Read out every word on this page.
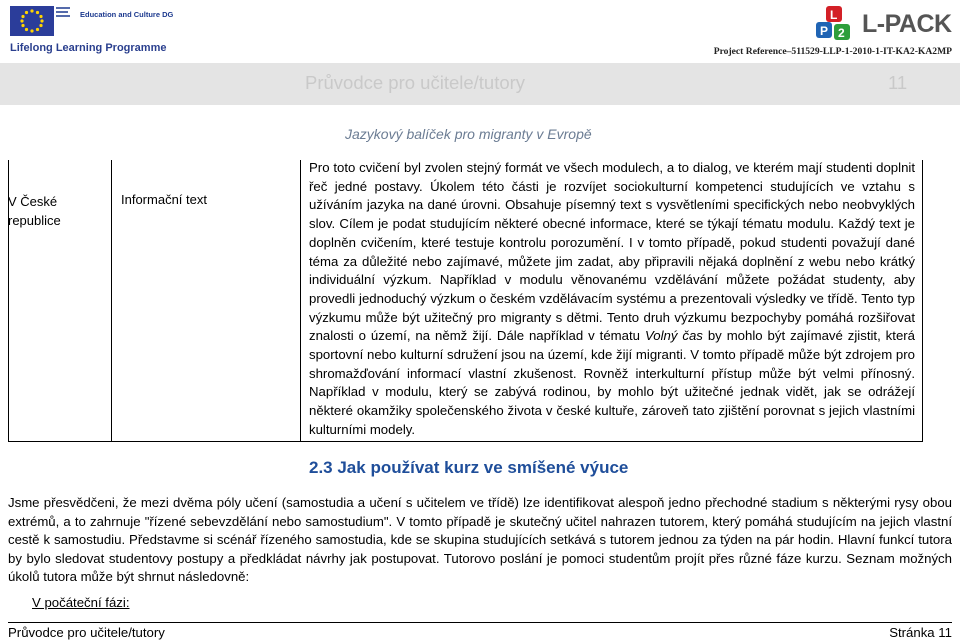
Education and Culture DG
Lifelong Learning Programme
L
P 2 L-PACK
Project Reference–511529-LLP-1-2010-1-IT-KA2-KA2MP
Průvodce pro učitele/tutory	11
Jazykový balíček pro migranty v Evropě
V České
republice
Informační text

Pro toto cvičení byl zvolen stejný formát ve všech modulech, a to dialog, ve kterém mají studenti doplnit řeč jedné postavy. Úkolem této části je rozvíjet sociokulturní kompetenci studujících ve vztahu s užíváním jazyka na dané úrovni. Obsahuje písemný text s vysvětleními specifických nebo neobvyklých slov. Cílem je podat studujícím některé obecné informace, které se týkají tématu modulu. Každý text je doplněn cvičením, které testuje kontrolu porozumění. I v tomto případě, pokud studenti považují dané téma za důležité nebo zajímavé, můžete jim zadat, aby připravili nějaká doplnění z webu nebo krátký individuální výzkum. Například v modulu věnovanému vzdělávání můžete požádat studenty, aby provedli jednoduchý výzkum o českém vzdělávacím systému a prezentovali výsledky ve třídě. Tento typ výzkumu může být užitečný pro migranty s dětmi. Tento druh výzkumu bezpochyby pomáhá rozšiřovat znalosti o území, na němž žijí. Dále například v tématu Volný čas by mohlo být zajímavé zjistit, která sportovní nebo kulturní sdružení jsou na území, kde žijí migranti. V tomto případě může být zdrojem pro shromažďování informací vlastní zkušenost. Rovněž interkulturní přístup může být velmi přínosný. Například v modulu, který se zabývá rodinou, by mohlo být užitečné jednak vidět, jak se odrážejí některé okamžiky společenského života v české kultuře, zároveň tato zjištění porovnat s jejich vlastními kulturními modely.

2.3 Jak používat kurz ve smíšené výuce

Jsme přesvědčeni, že mezi dvěma póly učení (samostudia a učení s učitelem ve třídě) lze identifikovat alespoň jedno přechodné stadium s některými rysy obou extrémů, a to zahrnuje "řízené sebevzdělání nebo samostudium". V tomto případě je skutečný učitel nahrazen tutorem, který pomáhá studujícím na jejich vlastní cestě k samostudiu. Představme si scénář řízeného samostudia, kde se skupina studujících setkává s tutorem jednou za týden na pár hodin. Hlavní funkcí tutora by bylo sledovat studentovy postupy a předkládat návrhy jak postupovat. Tutorovo poslání je pomoci studentům projít přes různé fáze kurzu. Seznam možných úkolů tutora může být shrnut následovně:

V počáteční fázi:
Průvodce pro učitele/tutory	Stránka 11
